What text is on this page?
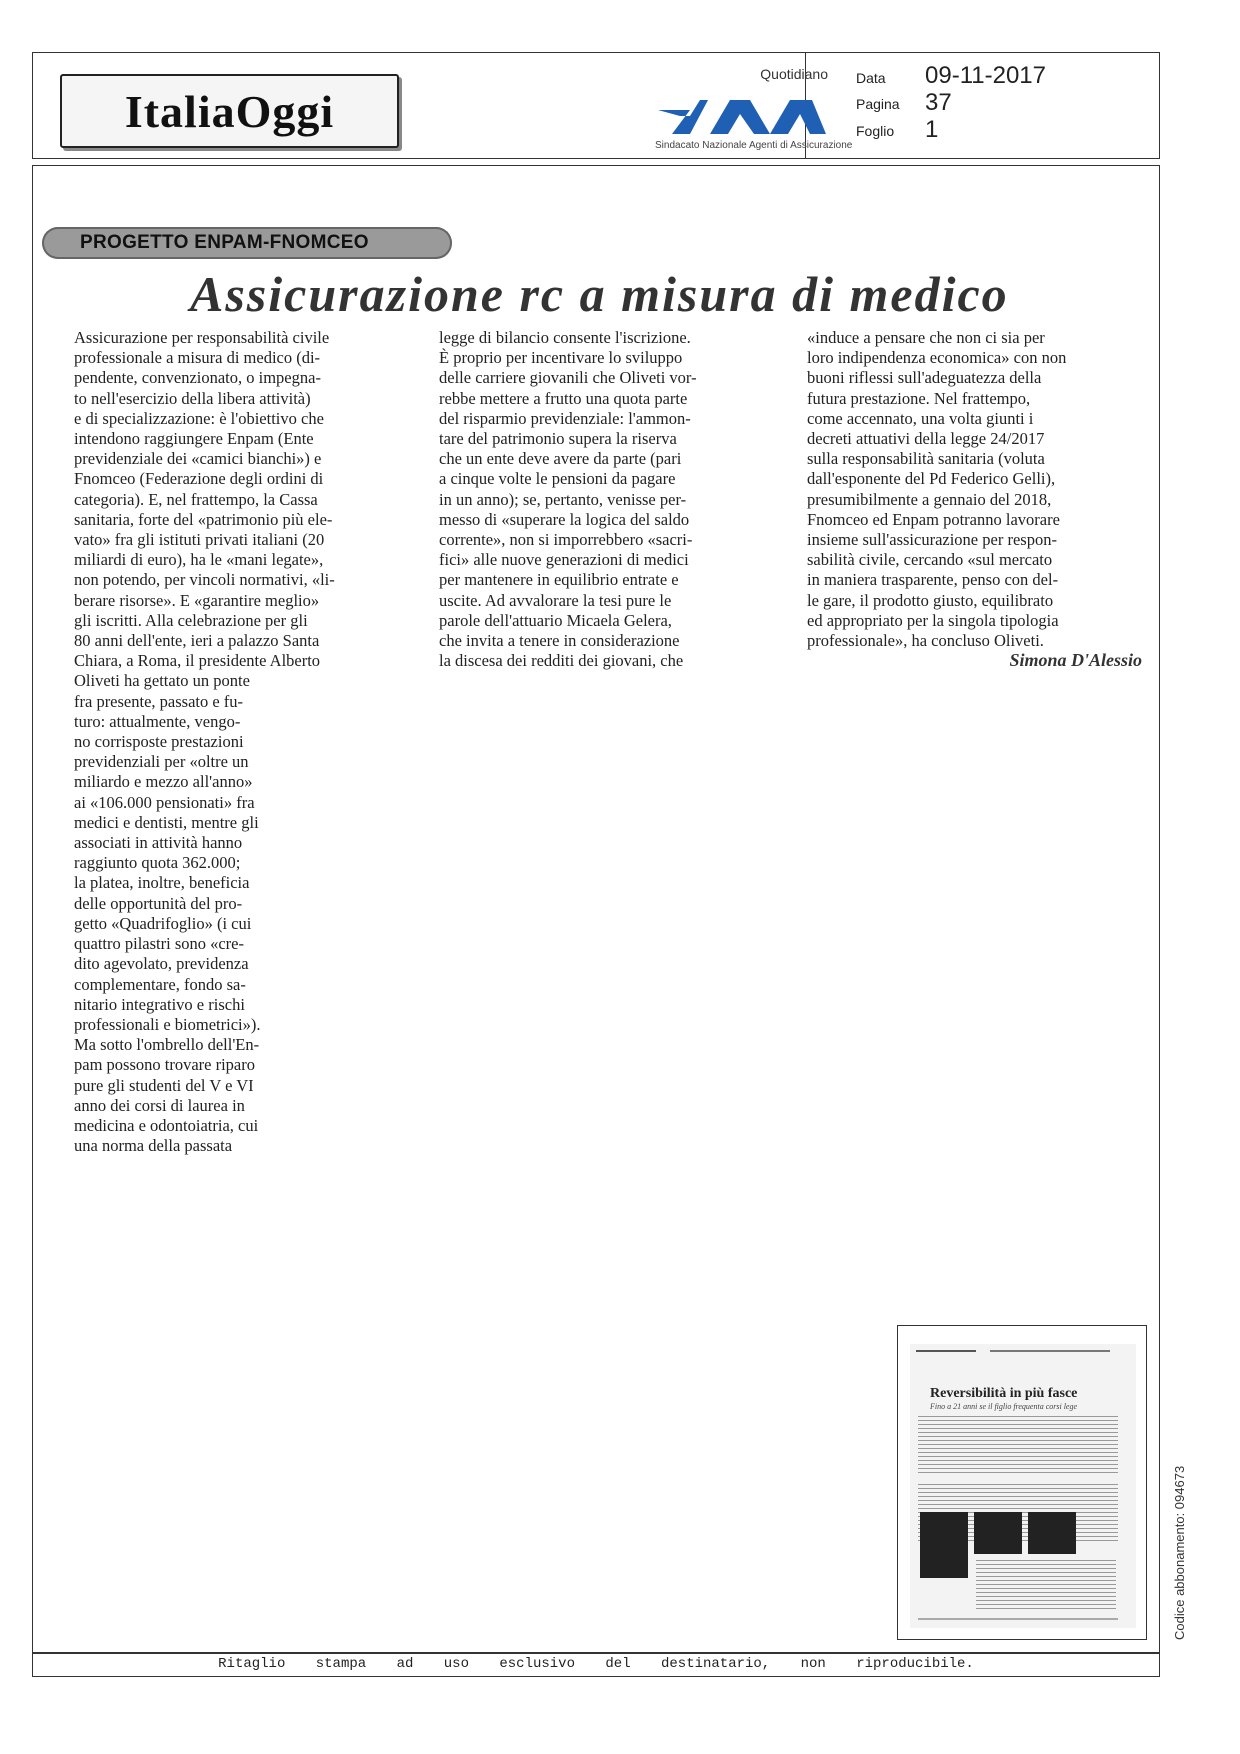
ItaliaOggi
Quotidiano
Sindacato Nazionale Agenti di Assicurazione
Data 09-11-2017
Pagina 37
Foglio 1
PROGETTO ENPAM-FNOMCEO
Assicurazione rc a misura di medico

Assicurazione per responsabilità civile

professionale a misura di medico (di-

pendente, convenzionato, o impegna-

to nell'esercizio della libera attività)

e di specializzazione: è l'obiettivo che

intendono raggiungere Enpam (Ente

previdenziale dei «camici bianchi») e

Fnomceo (Federazione degli ordini di

categoria). E, nel frattempo, la Cassa

sanitaria, forte del «patrimonio più ele-

vato» fra gli istituti privati italiani (20

miliardi di euro), ha le «mani legate»,

non potendo, per vincoli normativi, «li-

berare risorse». E «garantire meglio»

gli iscritti. Alla celebrazione per gli

80 anni dell'ente, ieri a palazzo Santa

Chiara, a Roma, il presidente Alberto

Oliveti ha gettato un ponte

fra presente, passato e fu-

turo: attualmente, vengo-

no corrisposte prestazioni

previdenziali per «oltre un

miliardo e mezzo all'anno»

ai «106.000 pensionati» fra

medici e dentisti, mentre gli

associati in attività hanno

raggiunto quota 362.000;

la platea, inoltre, beneficia

delle opportunità del pro-

getto «Quadrifoglio» (i cui

quattro pilastri sono «cre-

dito agevolato, previdenza

complementare, fondo sa-

nitario integrativo e rischi

professionali e biometrici»).

Ma sotto l'ombrello dell'En-

pam possono trovare riparo

pure gli studenti del V e VI

anno dei corsi di laurea in

medicina e odontoiatria, cui

una norma della passata

legge di bilancio consente l'iscrizione.

È proprio per incentivare lo sviluppo

delle carriere giovanili che Oliveti vor-

rebbe mettere a frutto una quota parte

del risparmio previdenziale: l'ammon-

tare del patrimonio supera la riserva

che un ente deve avere da parte (pari

a cinque volte le pensioni da pagare

in un anno); se, pertanto, venisse per-

messo di «superare la logica del saldo

corrente», non si imporrebbero «sacri-

fici» alle nuove generazioni di medici

per mantenere in equilibrio entrate e

uscite. Ad avvalorare la tesi pure le

parole dell'attuario Micaela Gelera,

che invita a tenere in considerazione

la discesa dei redditi dei giovani, che

«induce a pensare che non ci sia per

loro indipendenza economica» con non

buoni riflessi sull'adeguatezza della

futura prestazione. Nel frattempo,

come accennato, una volta giunti i

decreti attuativi della legge 24/2017

sulla responsabilità sanitaria (voluta

dall'esponente del Pd Federico Gelli),

presumibilmente a gennaio del 2018,

Fnomceo ed Enpam potranno lavorare

insieme sull'assicurazione per respon-

sabilità civile, cercando «sul mercato

in maniera trasparente, penso con del-

le gare, il prodotto giusto, equilibrato

ed appropriato per la singola tipologia

professionale», ha concluso Oliveti.

Simona D'Alessio
Reversibilità in più fasce
Fino a 21 anni se il figlio frequenta corsi lege
Codice abbonamento: 094673
Ritaglio stampa ad uso esclusivo del destinatario, non riproducibile.
